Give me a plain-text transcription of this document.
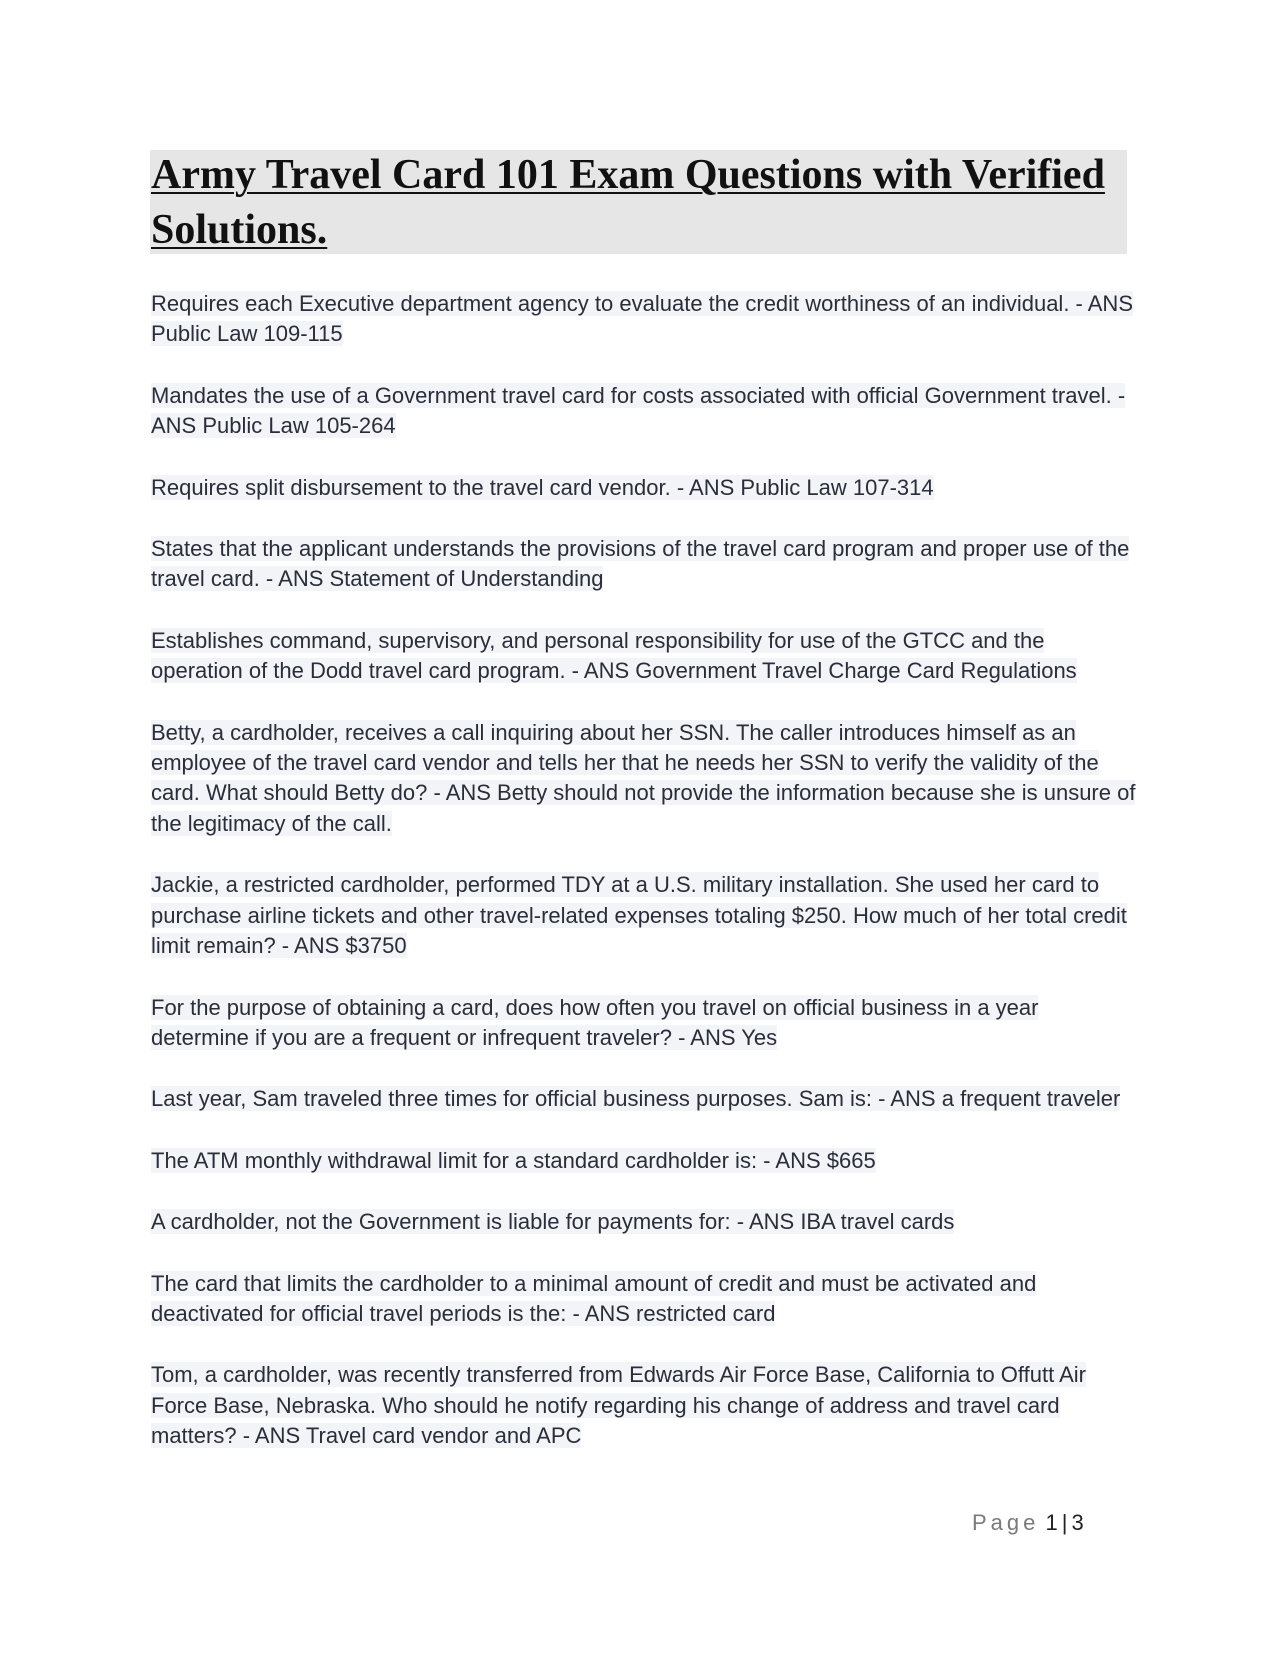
Army Travel Card 101 Exam Questions with Verified Solutions.

Requires each Executive department agency to evaluate the credit worthiness of an individual. - ANS Public Law 109-115

Mandates the use of a Government travel card for costs associated with official Government travel. - ANS Public Law 105-264

Requires split disbursement to the travel card vendor. - ANS Public Law 107-314

States that the applicant understands the provisions of the travel card program and proper use of the travel card. - ANS Statement of Understanding

Establishes command, supervisory, and personal responsibility for use of the GTCC and the operation of the Dodd travel card program. - ANS Government Travel Charge Card Regulations

Betty, a cardholder, receives a call inquiring about her SSN. The caller introduces himself as an employee of the travel card vendor and tells her that he needs her SSN to verify the validity of the card. What should Betty do? - ANS Betty should not provide the information because she is unsure of the legitimacy of the call.

Jackie, a restricted cardholder, performed TDY at a U.S. military installation. She used her card to purchase airline tickets and other travel-related expenses totaling $250. How much of her total credit limit remain? - ANS $3750

For the purpose of obtaining a card, does how often you travel on official business in a year determine if you are a frequent or infrequent traveler? - ANS Yes

Last year, Sam traveled three times for official business purposes. Sam is: - ANS a frequent traveler

The ATM monthly withdrawal limit for a standard cardholder is: - ANS $665

A cardholder, not the Government is liable for payments for: - ANS IBA travel cards

The card that limits the cardholder to a minimal amount of credit and must be activated and deactivated for official travel periods is the: - ANS restricted card

Tom, a cardholder, was recently transferred from Edwards Air Force Base, California to Offutt Air Force Base, Nebraska. Who should he notify regarding his change of address and travel card matters? - ANS Travel card vendor and APC

Page 1 | 3
